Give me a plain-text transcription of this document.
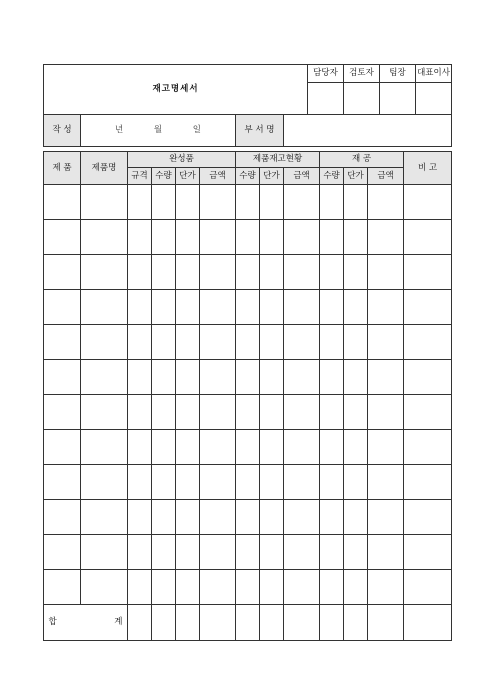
재고명세서	담당자	검토자	팀장	대표이사

작 성	년 월 일	부 서 명	
제 품	제품명	완성품				제품재고현황			재 공			비 고
		규격	수량	단가	금액	수량	단가	금액	수량	단가	금액	

합 계												
